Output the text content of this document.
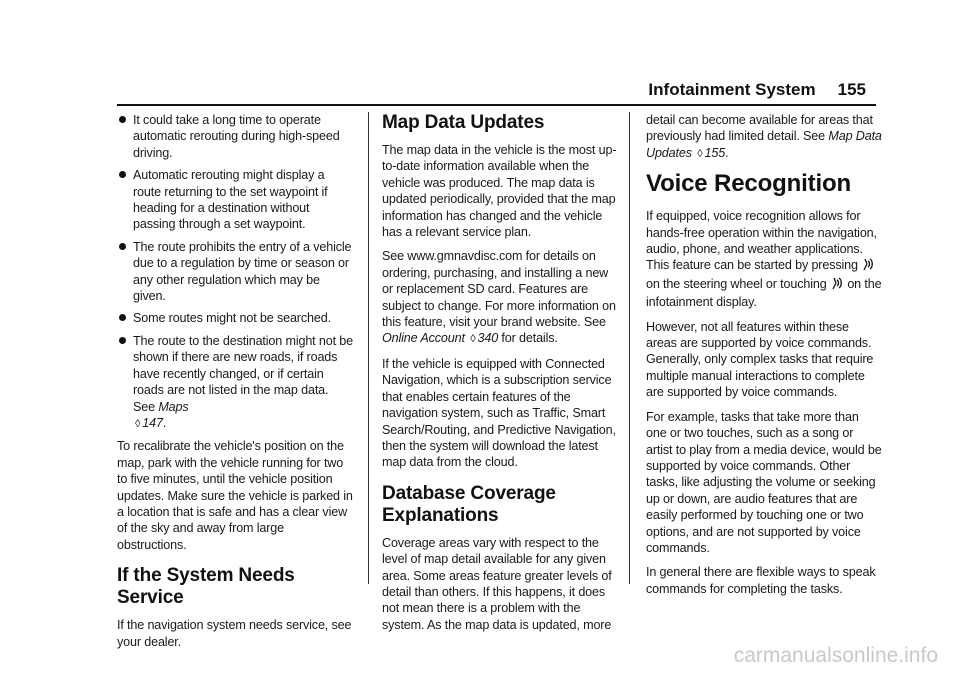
Infotainment System 155
It could take a long time to operate automatic rerouting during high-speed driving.
Automatic rerouting might display a route returning to the set waypoint if heading for a destination without passing through a set waypoint.
The route prohibits the entry of a vehicle due to a regulation by time or season or any other regulation which may be given.
Some routes might not be searched.
The route to the destination might not be shown if there are new roads, if roads have recently changed, or if certain roads are not listed in the map data. See Maps
◊ 147.

To recalibrate the vehicle's position on the map, park with the vehicle running for two to five minutes, until the vehicle position updates. Make sure the vehicle is parked in a location that is safe and has a clear view of the sky and away from large obstructions.

If the System Needs Service

If the navigation system needs service, see your dealer.

Map Data Updates

The map data in the vehicle is the most up-to-date information available when the vehicle was produced. The map data is updated periodically, provided that the map information has changed and the vehicle has a relevant service plan.

See www.gmnavdisc.com for details on ordering, purchasing, and installing a new or replacement SD card. Features are subject to change. For more information on this feature, visit your brand website. See Online Account ◊ 340 for details.

If the vehicle is equipped with Connected Navigation, which is a subscription service that enables certain features of the navigation system, such as Traffic, Smart Search/Routing, and Predictive Navigation, then the system will download the latest map data from the cloud.

Database Coverage Explanations

Coverage areas vary with respect to the level of map detail available for any given area. Some areas feature greater levels of detail than others. If this happens, it does not mean there is a problem with the system. As the map data is updated, more

detail can become available for areas that previously had limited detail. See Map Data Updates ◊ 155.

Voice Recognition

If equipped, voice recognition allows for hands-free operation within the navigation, audio, phone, and weather applications. This feature can be started by pressing  on the steering wheel or touching on the infotainment display.

However, not all features within these areas are supported by voice commands. Generally, only complex tasks that require multiple manual interactions to complete are supported by voice commands.

For example, tasks that take more than one or two touches, such as a song or artist to play from a media device, would be supported by voice commands. Other tasks, like adjusting the volume or seeking up or down, are audio features that are easily performed by touching one or two options, and are not supported by voice commands.

In general there are flexible ways to speak commands for completing the tasks.

carmanualsonline.info
